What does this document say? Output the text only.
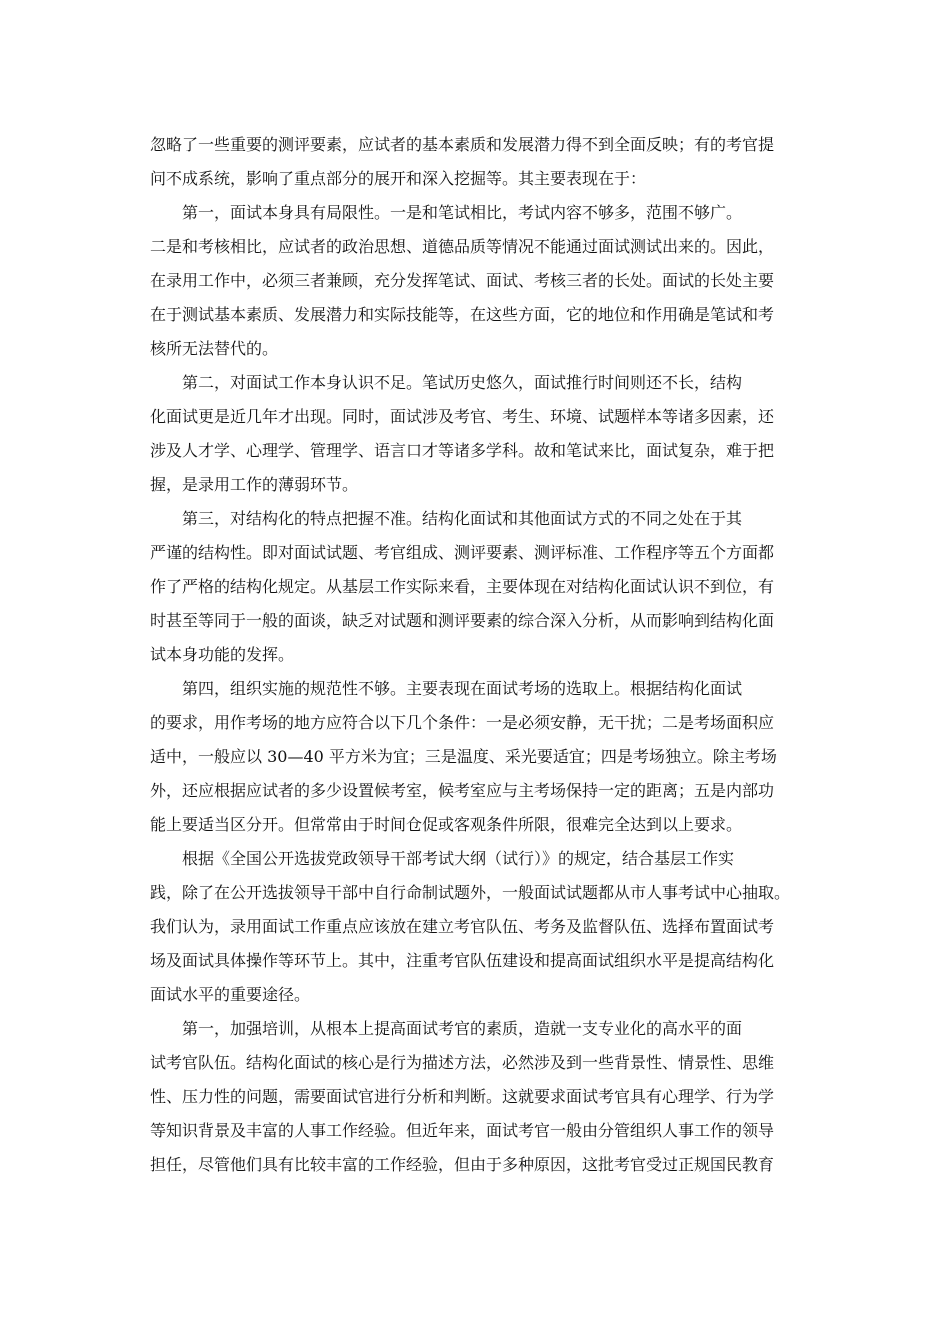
忽略了一些重要的测评要素，应试者的基本素质和发展潜力得不到全面反映；有的考官提
问不成系统，影响了重点部分的展开和深入挖掘等。其主要表现在于：
　　第一，面试本身具有局限性。一是和笔试相比，考试内容不够多，范围不够广。
二是和考核相比，应试者的政治思想、道德品质等情况不能通过面试测试出来的。因此，
在录用工作中，必须三者兼顾，充分发挥笔试、面试、考核三者的长处。面试的长处主要
在于测试基本素质、发展潜力和实际技能等，在这些方面，它的地位和作用确是笔试和考
核所无法替代的。
　　第二，对面试工作本身认识不足。笔试历史悠久，面试推行时间则还不长，结构
化面试更是近几年才出现。同时，面试涉及考官、考生、环境、试题样本等诸多因素，还
涉及人才学、心理学、管理学、语言口才等诸多学科。故和笔试来比，面试复杂，难于把
握，是录用工作的薄弱环节。
　　第三，对结构化的特点把握不准。结构化面试和其他面试方式的不同之处在于其
严谨的结构性。即对面试试题、考官组成、测评要素、测评标准、工作程序等五个方面都
作了严格的结构化规定。从基层工作实际来看，主要体现在对结构化面试认识不到位，有
时甚至等同于一般的面谈，缺乏对试题和测评要素的综合深入分析，从而影响到结构化面
试本身功能的发挥。
　　第四，组织实施的规范性不够。主要表现在面试考场的选取上。根据结构化面试
的要求，用作考场的地方应符合以下几个条件：一是必须安静，无干扰；二是考场面积应
适中，一般应以 30—40 平方米为宜；三是温度、采光要适宜；四是考场独立。除主考场
外，还应根据应试者的多少设置候考室，候考室应与主考场保持一定的距离；五是内部功
能上要适当区分开。但常常由于时间仓促或客观条件所限，很难完全达到以上要求。
　　根据《全国公开选拔党政领导干部考试大纲（试行）》的规定，结合基层工作实
践，除了在公开选拔领导干部中自行命制试题外，一般面试试题都从市人事考试中心抽取。
我们认为，录用面试工作重点应该放在建立考官队伍、考务及监督队伍、选择布置面试考
场及面试具体操作等环节上。其中，注重考官队伍建设和提高面试组织水平是提高结构化
面试水平的重要途径。
　　第一，加强培训，从根本上提高面试考官的素质，造就一支专业化的高水平的面
试考官队伍。结构化面试的核心是行为描述方法，必然涉及到一些背景性、情景性、思维
性、压力性的问题，需要面试官进行分析和判断。这就要求面试考官具有心理学、行为学
等知识背景及丰富的人事工作经验。但近年来，面试考官一般由分管组织人事工作的领导
担任，尽管他们具有比较丰富的工作经验，但由于多种原因，这批考官受过正规国民教育
